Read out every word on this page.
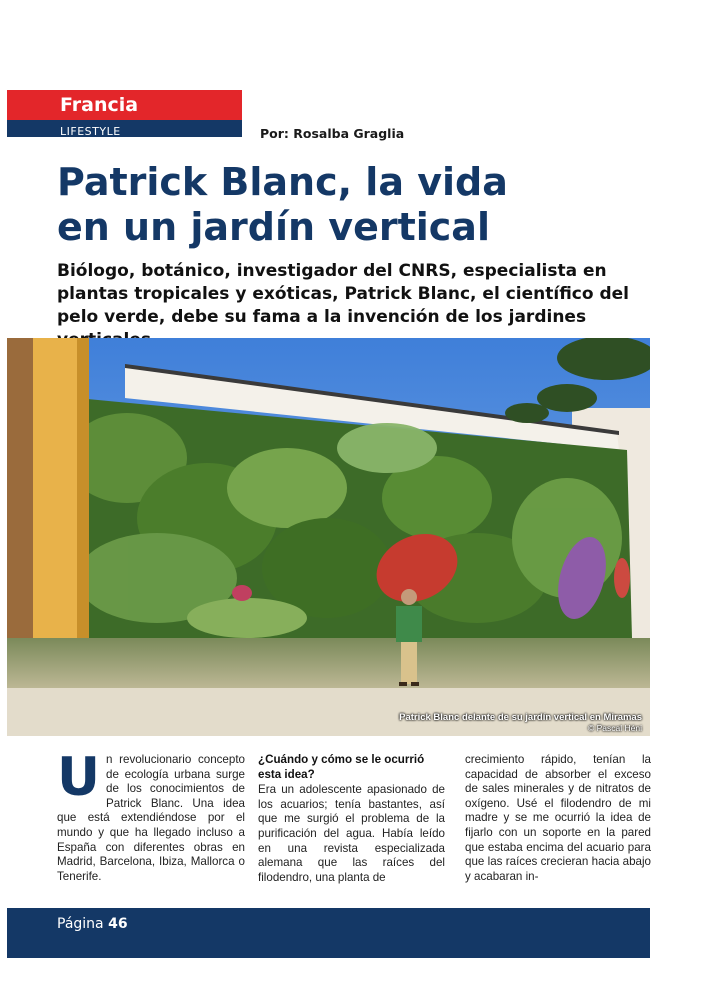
Francia
LIFESTYLE	Por: Rosalba Graglia
Patrick Blanc, la vida
en un jardín vertical

Biólogo, botánico, investigador del CNRS, especialista en plantas tropicales y exóticas, Patrick Blanc, el científico del pelo verde, debe su fama a la invención de los jardines

Patrick Blanc delante de su jardín vertical en Miramas
© Pascal Héni
U n revolucionario concepto de ecología urbana surge de los conocimientos de Patrick Blanc. Una idea que está extendiéndose por el mundo y que ha llegado incluso a España con diferentes obras en Madrid, Barcelona, Ibiza, Mallorca o Tenerife.

¿Cuándo y cómo se le ocurrió esta idea?

Era un adolescente apasionado de los acuarios; tenía bastantes, así que me surgió el problema de la purificación del agua. Había leído en una revista especializada alemana que las raíces del filodendro, una planta de

crecimiento rápido, tenían la capacidad de absorber el exceso de sales minerales y de nitratos de oxígeno. Usé el filodendro de mi madre y se me ocurrió la idea de fijarlo con un soporte en la pared que estaba encima del acuario para que las raíces crecieran hacia abajo y acabaran in-

Página 46
